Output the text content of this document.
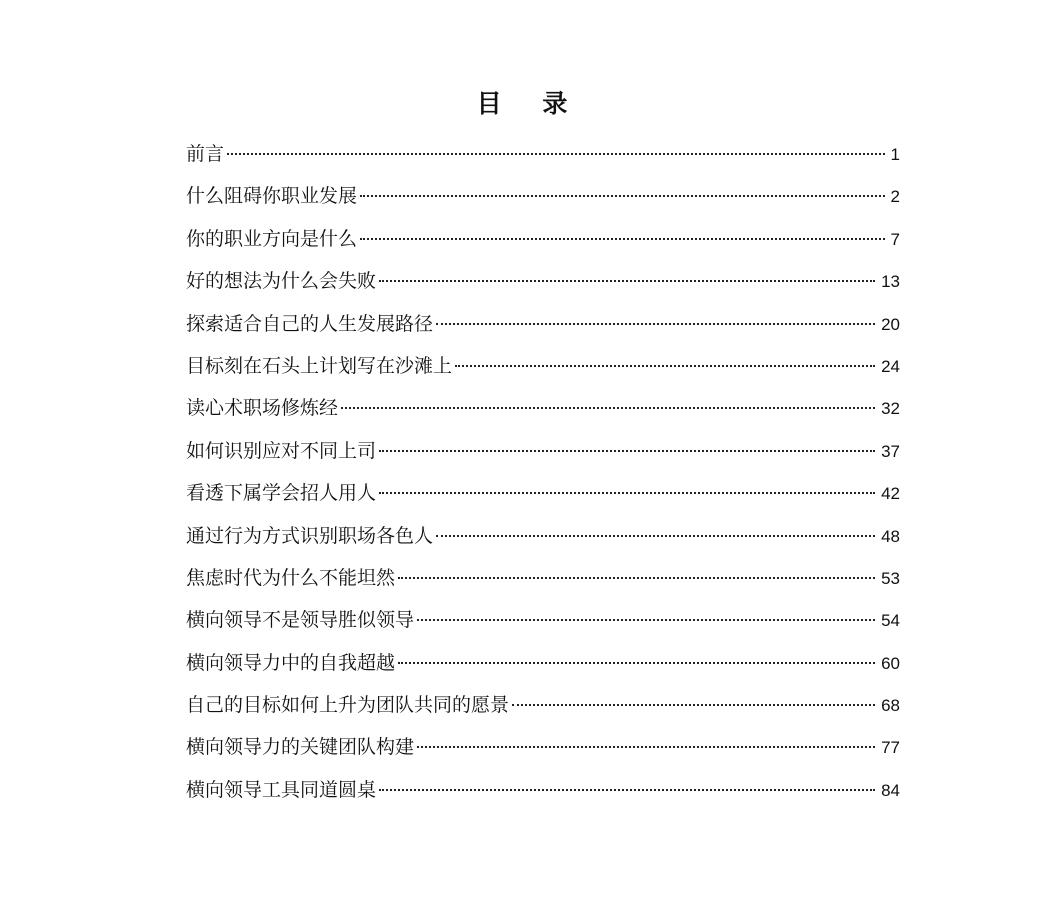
目 录
前言	1
什么阻碍你职业发展	2
你的职业方向是什么	7
好的想法为什么会失败	13
探索适合自己的人生发展路径	20
目标刻在石头上计划写在沙滩上	24
读心术职场修炼经	32
如何识别应对不同上司	37
看透下属学会招人用人	42
通过行为方式识别职场各色人	48
焦虑时代为什么不能坦然	53
横向领导不是领导胜似领导	54
横向领导力中的自我超越	60
自己的目标如何上升为团队共同的愿景	68
横向领导力的关键团队构建	77
横向领导工具同道圆桌	84
